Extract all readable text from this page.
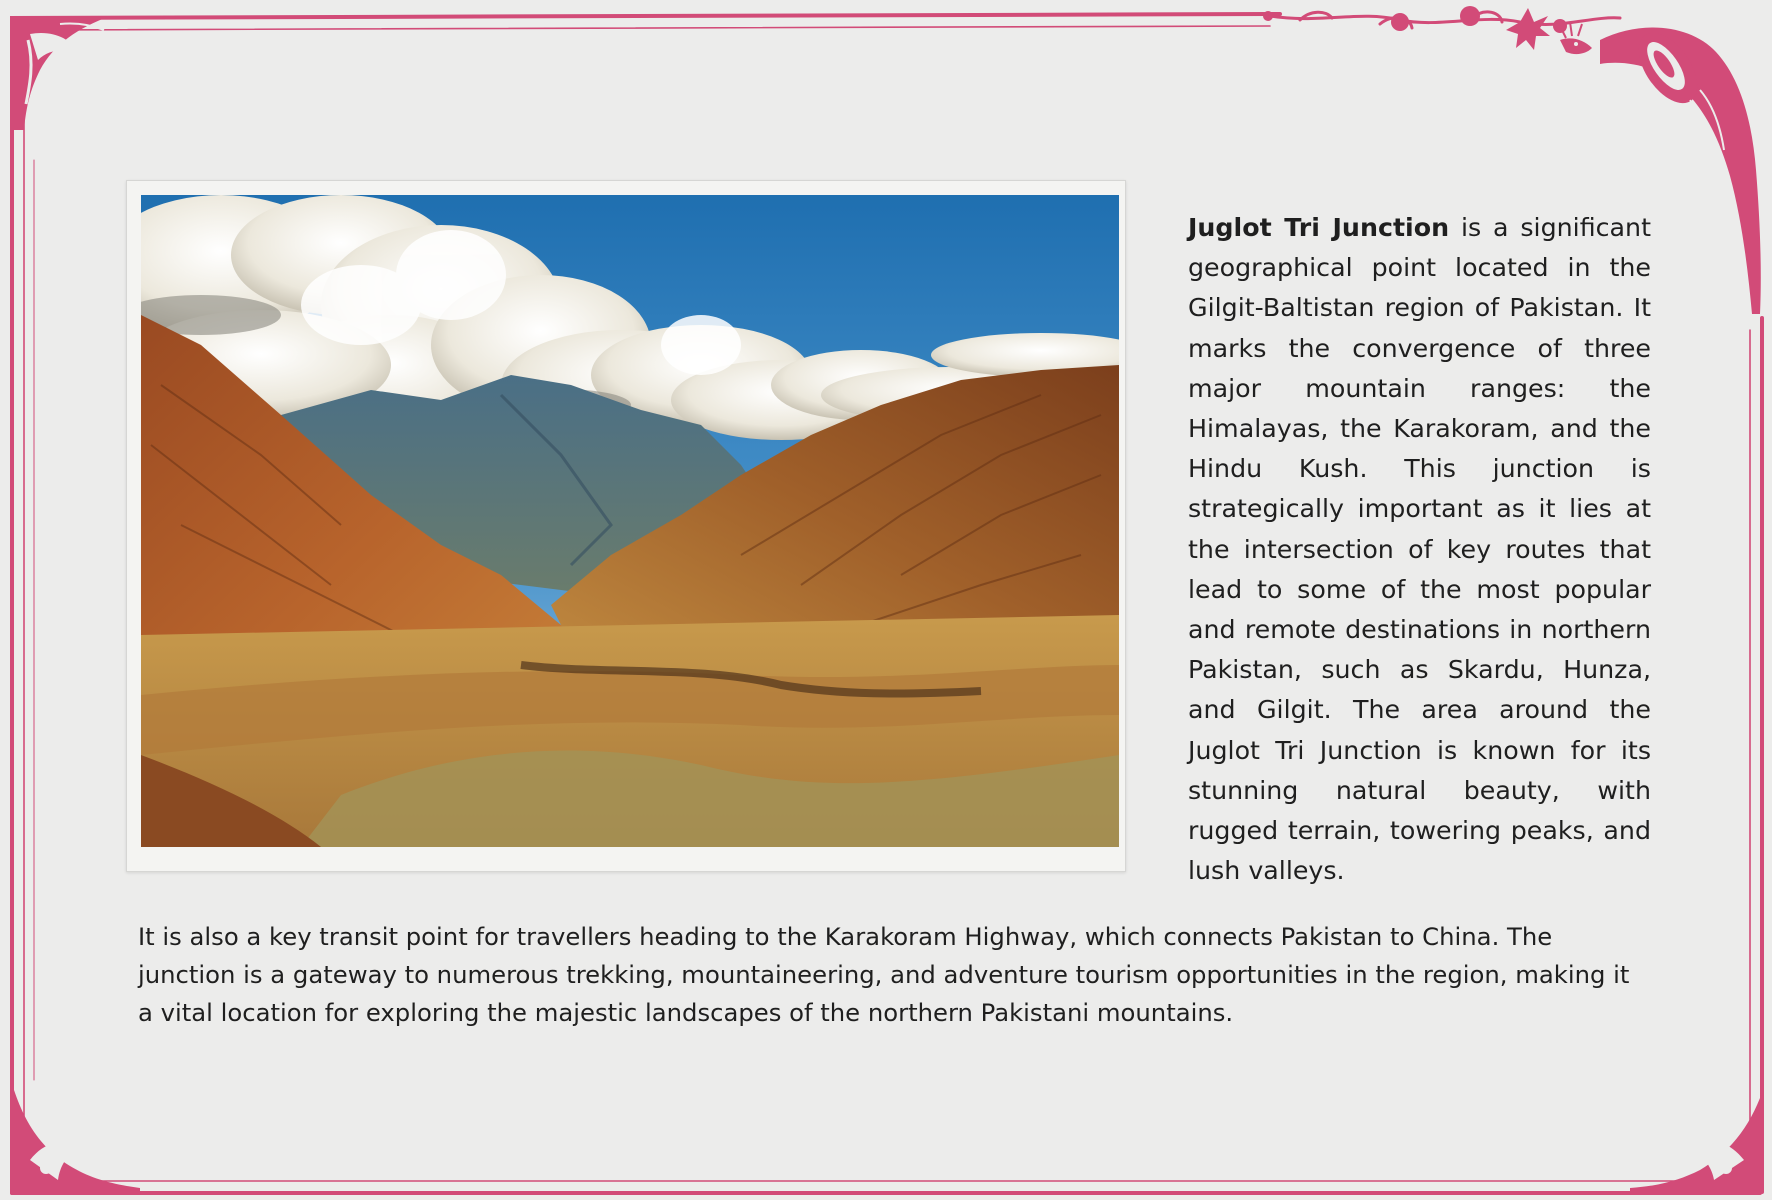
Juglot Tri Junction is a significant geographical point located in the Gilgit-Baltistan region of Pakistan. It marks the convergence of three major mountain ranges: the Himalayas, the Karakoram, and the Hindu Kush. This junction is strategically important as it lies at the intersection of key routes that lead to some of the most popular and remote destinations in northern Pakistan, such as Skardu, Hunza, and Gilgit. The area around the Juglot Tri Junction is known for its stunning natural beauty, with rugged terrain, towering peaks, and lush valleys.
It is also a key transit point for travellers heading to the Karakoram Highway, which connects Pakistan to China. The junction is a gateway to numerous trekking, mountaineering, and adventure tourism opportunities in the region, making it a vital location for exploring the majestic landscapes of the northern Pakistani mountains.
